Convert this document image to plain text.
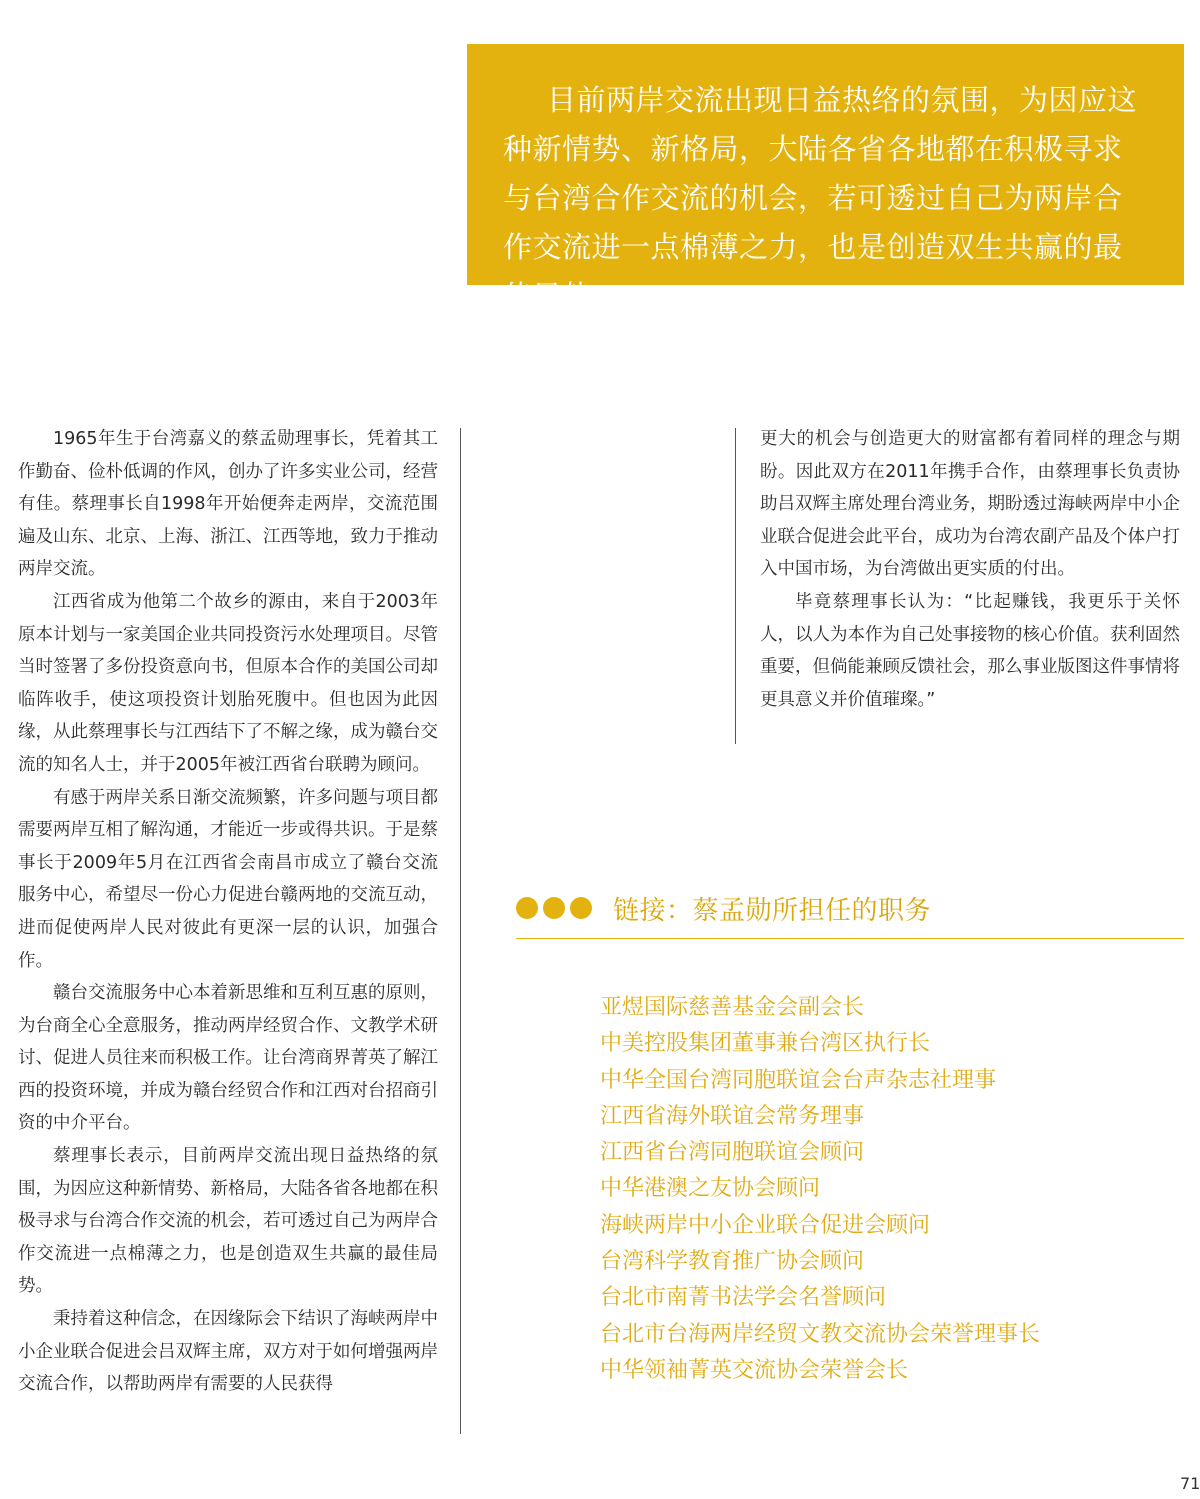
目前两岸交流出现日益热络的氛围，为因应这种新情势、新格局，大陆各省各地都在积极寻求与台湾合作交流的机会，若可透过自己为两岸合作交流进一点棉薄之力，也是创造双生共赢的最佳局势。

1965年生于台湾嘉义的蔡孟勋理事长，凭着其工作勤奋、俭朴低调的作风，创办了许多实业公司，经营有佳。蔡理事长自1998年开始便奔走两岸，交流范围遍及山东、北京、上海、浙江、江西等地，致力于推动两岸交流。

江西省成为他第二个故乡的源由，来自于2003年原本计划与一家美国企业共同投资污水处理项目。尽管当时签署了多份投资意向书，但原本合作的美国公司却临阵收手，使这项投资计划胎死腹中。但也因为此因缘，从此蔡理事长与江西结下了不解之缘，成为赣台交流的知名人士，并于2005年被江西省台联聘为顾问。

有感于两岸关系日渐交流频繁，许多问题与项目都需要两岸互相了解沟通，才能近一步或得共识。于是蔡事长于2009年5月在江西省会南昌市成立了赣台交流服务中心，希望尽一份心力促进台赣两地的交流互动，进而促使两岸人民对彼此有更深一层的认识，加强合作。

赣台交流服务中心本着新思维和互利互惠的原则，为台商全心全意服务，推动两岸经贸合作、文教学术研讨、促进人员往来而积极工作。让台湾商界菁英了解江西的投资环境，并成为赣台经贸合作和江西对台招商引资的中介平台。

蔡理事长表示，目前两岸交流出现日益热络的氛围，为因应这种新情势、新格局，大陆各省各地都在积极寻求与台湾合作交流的机会，若可透过自己为两岸合作交流进一点棉薄之力，也是创造双生共赢的最佳局势。

秉持着这种信念，在因缘际会下结识了海峡两岸中小企业联合促进会吕双辉主席，双方对于如何增强两岸交流合作，以帮助两岸有需要的人民获得

更大的机会与创造更大的财富都有着同样的理念与期盼。因此双方在2011年携手合作，由蔡理事长负责协助吕双辉主席处理台湾业务，期盼透过海峡两岸中小企业联合促进会此平台，成功为台湾农副产品及个体户打入中国市场，为台湾做出更实质的付出。

毕竟蔡理事长认为：“比起赚钱，我更乐于关怀人，以人为本作为自己处事接物的核心价值。获利固然重要，但倘能兼顾反馈社会，那么事业版图这件事情将更具意义并价值璀璨。”

链接：蔡孟勋所担任的职务
亚煜国际慈善基金会副会长
中美控股集团董事兼台湾区执行长
中华全国台湾同胞联谊会台声杂志社理事
江西省海外联谊会常务理事
江西省台湾同胞联谊会顾问
中华港澳之友协会顾问
海峡两岸中小企业联合促进会顾问
台湾科学教育推广协会顾问
台北市南菁书法学会名誉顾问
台北市台海两岸经贸文教交流协会荣誉理事长
中华领袖菁英交流协会荣誉会长
71
